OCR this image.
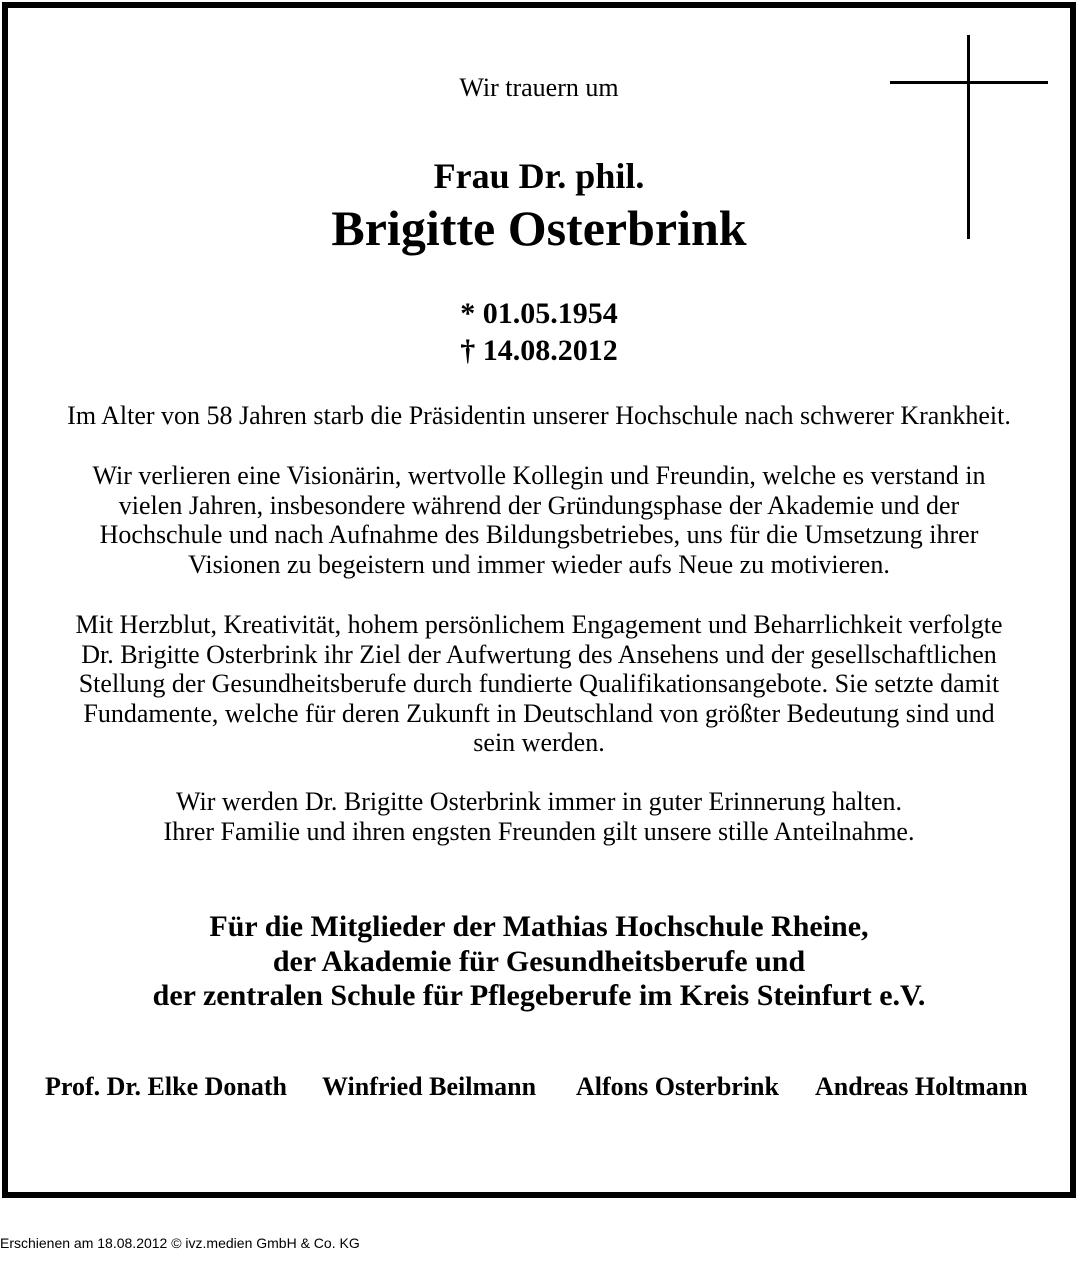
Wir trauern um
Frau Dr. phil.
Brigitte Osterbrink
* 01.05.1954
† 14.08.2012
Im Alter von 58 Jahren starb die Präsidentin unserer Hochschule nach schwerer Krankheit.
Wir verlieren eine Visionärin, wertvolle Kollegin und Freundin, welche es verstand in
vielen Jahren, insbesondere während der Gründungsphase der Akademie und der
Hochschule und nach Aufnahme des Bildungsbetriebes, uns für die Umsetzung ihrer
Visionen zu begeistern und immer wieder aufs Neue zu motivieren.
Mit Herzblut, Kreativität, hohem persönlichem Engagement und Beharrlichkeit verfolgte
Dr. Brigitte Osterbrink ihr Ziel der Aufwertung des Ansehens und der gesellschaftlichen
Stellung der Gesundheitsberufe durch fundierte Qualifikationsangebote. Sie setzte damit
Fundamente, welche für deren Zukunft in Deutschland von größter Bedeutung sind und
sein werden.
Wir werden Dr. Brigitte Osterbrink immer in guter Erinnerung halten.
Ihrer Familie und ihren engsten Freunden gilt unsere stille Anteilnahme.
Für die Mitglieder der Mathias Hochschule Rheine,
der Akademie für Gesundheitsberufe und
der zentralen Schule für Pflegeberufe im Kreis Steinfurt e.V.
Prof. Dr. Elke Donath Winfried Beilmann Alfons Osterbrink Andreas Holtmann
Erschienen am 18.08.2012 © ivz.medien GmbH & Co. KG
